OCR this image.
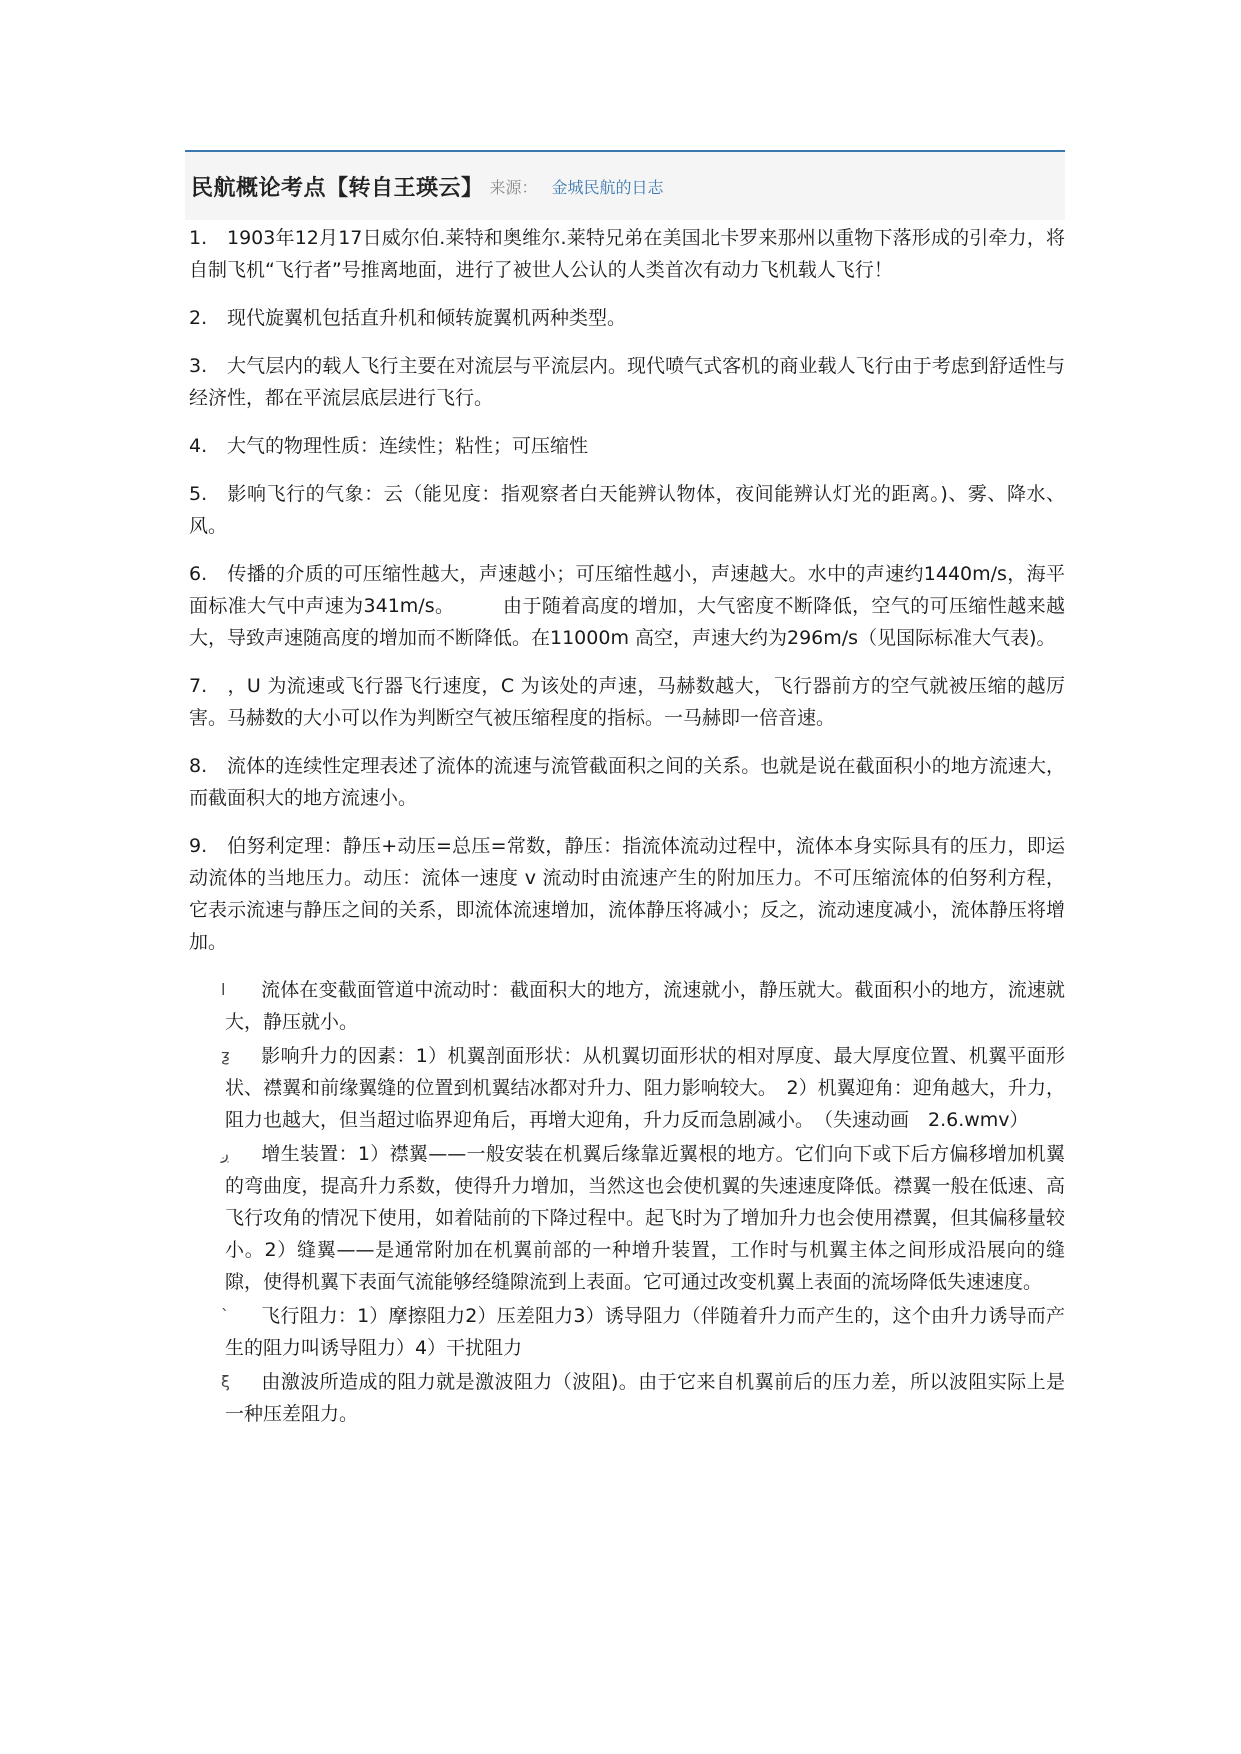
民航概论考点【转自王瑛云】 来源： 金城民航的日志

1. 1903年12月17日威尔伯.莱特和奥维尔.莱特兄弟在美国北卡罗来那州以重物下落形成的引牵力，将自制飞机“飞行者”号推离地面，进行了被世人公认的人类首次有动力飞机载人飞行！

2. 现代旋翼机包括直升机和倾转旋翼机两种类型。

3. 大气层内的载人飞行主要在对流层与平流层内。现代喷气式客机的商业载人飞行由于考虑到舒适性与经济性，都在平流层底层进行飞行。

4. 大气的物理性质：连续性；粘性；可压缩性

5. 影响飞行的气象：云（能见度：指观察者白天能辨认物体，夜间能辨认灯光的距离。)、雾、降水、风。

6. 传播的介质的可压缩性越大，声速越小；可压缩性越小，声速越大。水中的声速约1440m/s，海平面标准大气中声速为341m/s。　　　由于随着高度的增加，大气密度不断降低，空气的可压缩性越来越大，导致声速随高度的增加而不断降低。在11000m 高空，声速大约为296m/s（见国际标准大气表)。

7. ，U 为流速或飞行器飞行速度，C 为该处的声速，马赫数越大，飞行器前方的空气就被压缩的越厉害。马赫数的大小可以作为判断空气被压缩程度的指标。一马赫即一倍音速。

8. 流体的连续性定理表述了流体的流速与流管截面积之间的关系。也就是说在截面积小的地方流速大，而截面积大的地方流速小。

9. 伯努利定理：静压+动压=总压=常数，静压：指流体流动过程中，流体本身实际具有的压力，即运动流体的当地压力。动压：流体一速度 v 流动时由流速产生的附加压力。不可压缩流体的伯努利方程，它表示流速与静压之间的关系，即流体流速增加，流体静压将减小；反之，流动速度减小，流体静压将增加。

l	流体在变截面管道中流动时：截面积大的地方，流速就小，静压就大。截面积小的地方，流速就大，静压就小。

ƺ	影响升力的因素：1）机翼剖面形状：从机翼切面形状的相对厚度、最大厚度位置、机翼平面形状、襟翼和前缘翼缝的位置到机翼结冰都对升力、阻力影响较大。　2）机翼迎角：迎角越大，升力，阻力也越大，但当超过临界迎角后，再增大迎角，升力反而急剧减小。　（失速动画　2.6.wmv）

ږ	增生装置：1）襟翼——一般安装在机翼后缘靠近翼根的地方。它们向下或下后方偏移增加机翼的弯曲度，提高升力系数，使得升力增加，当然这也会使机翼的失速速度降低。襟翼一般在低速、高飞行攻角的情况下使用，如着陆前的下降过程中。起飞时为了增加升力也会使用襟翼，但其偏移量较小。2）缝翼——是通常附加在机翼前部的一种增升装置，工作时与机翼主体之间形成沿展向的缝隙，使得机翼下表面气流能够经缝隙流到上表面。它可通过改变机翼上表面的流场降低失速速度。

ˋ	飞行阻力：1）摩擦阻力2）压差阻力3）诱导阻力（伴随着升力而产生的，这个由升力诱导而产生的阻力叫诱导阻力）4）干扰阻力

ξ	由激波所造成的阻力就是激波阻力（波阻)。由于它来自机翼前后的压力差，所以波阻实际上是一种压差阻力。
